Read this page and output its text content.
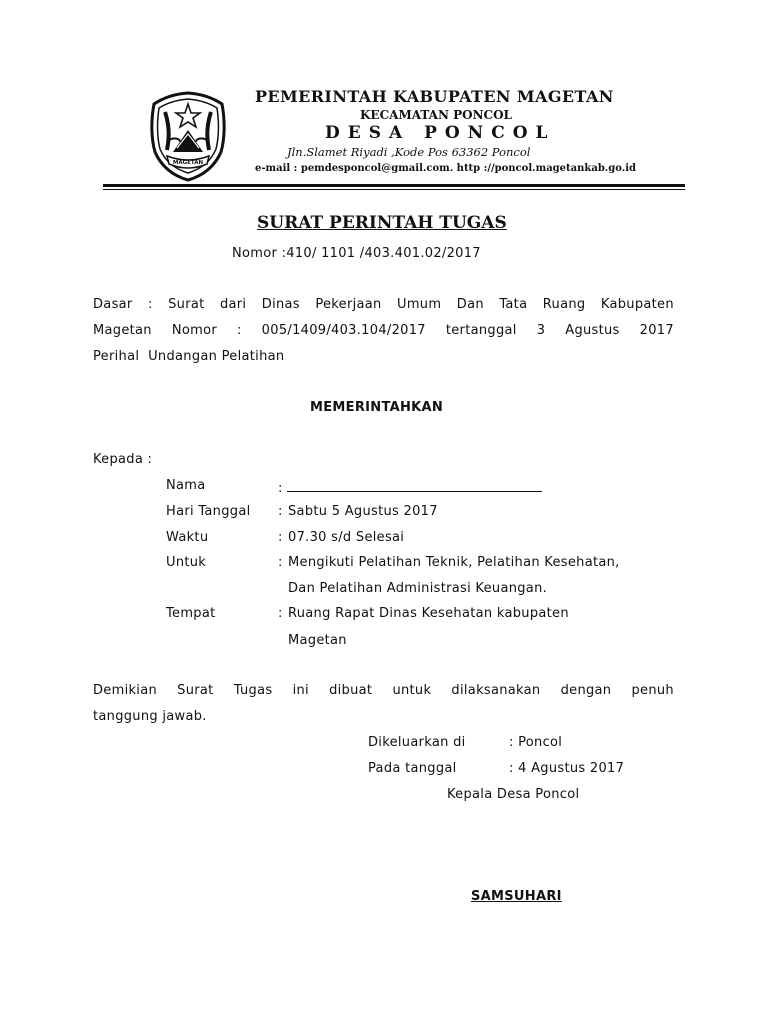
MAGETAN
PEMERINTAH KABUPATEN MAGETAN
KECAMATAN PONCOL
DESA PONCOL
Jln.Slamet Riyadi ,Kode Pos 63362 Poncol
e-mail : pemdesponcol@gmail.com. http ://poncol.magetankab.go.id
SURAT PERINTAH TUGAS
Nomor :410/ 1101 /403.401.02/2017
Dasar : Surat dari Dinas Pekerjaan Umum Dan Tata Ruang Kabupaten
Magetan Nomor : 005/1409/403.104/2017 tertanggal 3 Agustus 2017
Perihal  Undangan Pelatihan
MEMERINTAHKAN
Kepada :
Nama	:
Hari Tanggal : Sabtu 5 Agustus 2017
Waktu	: 07.30 s/d Selesai
Untuk	: Mengikuti Pelatihan Teknik, Pelatihan Kesehatan,
Dan Pelatihan Administrasi Keuangan.
Tempat	: Ruang Rapat Dinas Kesehatan kabupaten
Magetan
Demikian Surat Tugas ini dibuat untuk dilaksanakan dengan penuh
tanggung jawab.
Dikeluarkan di	: Poncol
Pada tanggal	: 4 Agustus 2017
Kepala Desa Poncol
SAMSUHARI
